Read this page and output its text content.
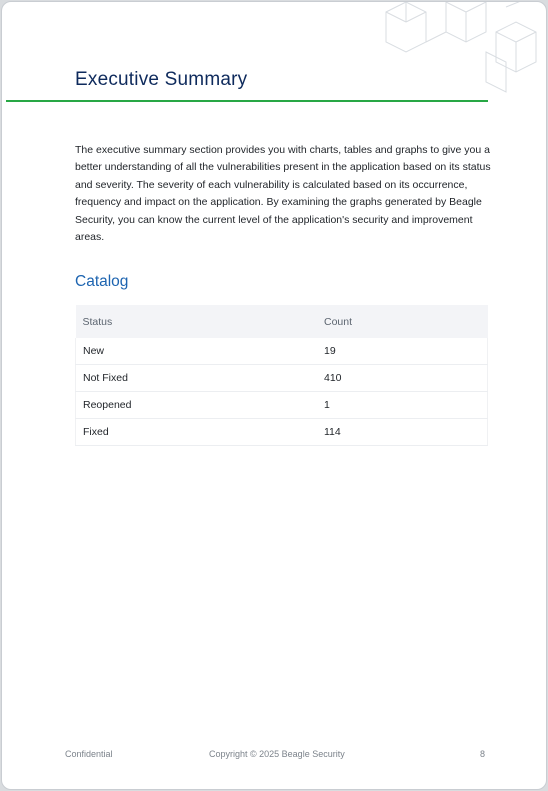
Executive Summary

The executive summary section provides you with charts, tables and graphs to give you a better understanding of all the vulnerabilities present in the application based on its status and severity. The severity of each vulnerability is calculated based on its occurrence, frequency and impact on the application. By examining the graphs generated by Beagle Security, you can know the current level of the application's security and improvement areas.

Catalog
Status	Count
New	19
Not Fixed	410
Reopened	1
Fixed	114
Confidential	Copyright © 2025 Beagle Security	8
